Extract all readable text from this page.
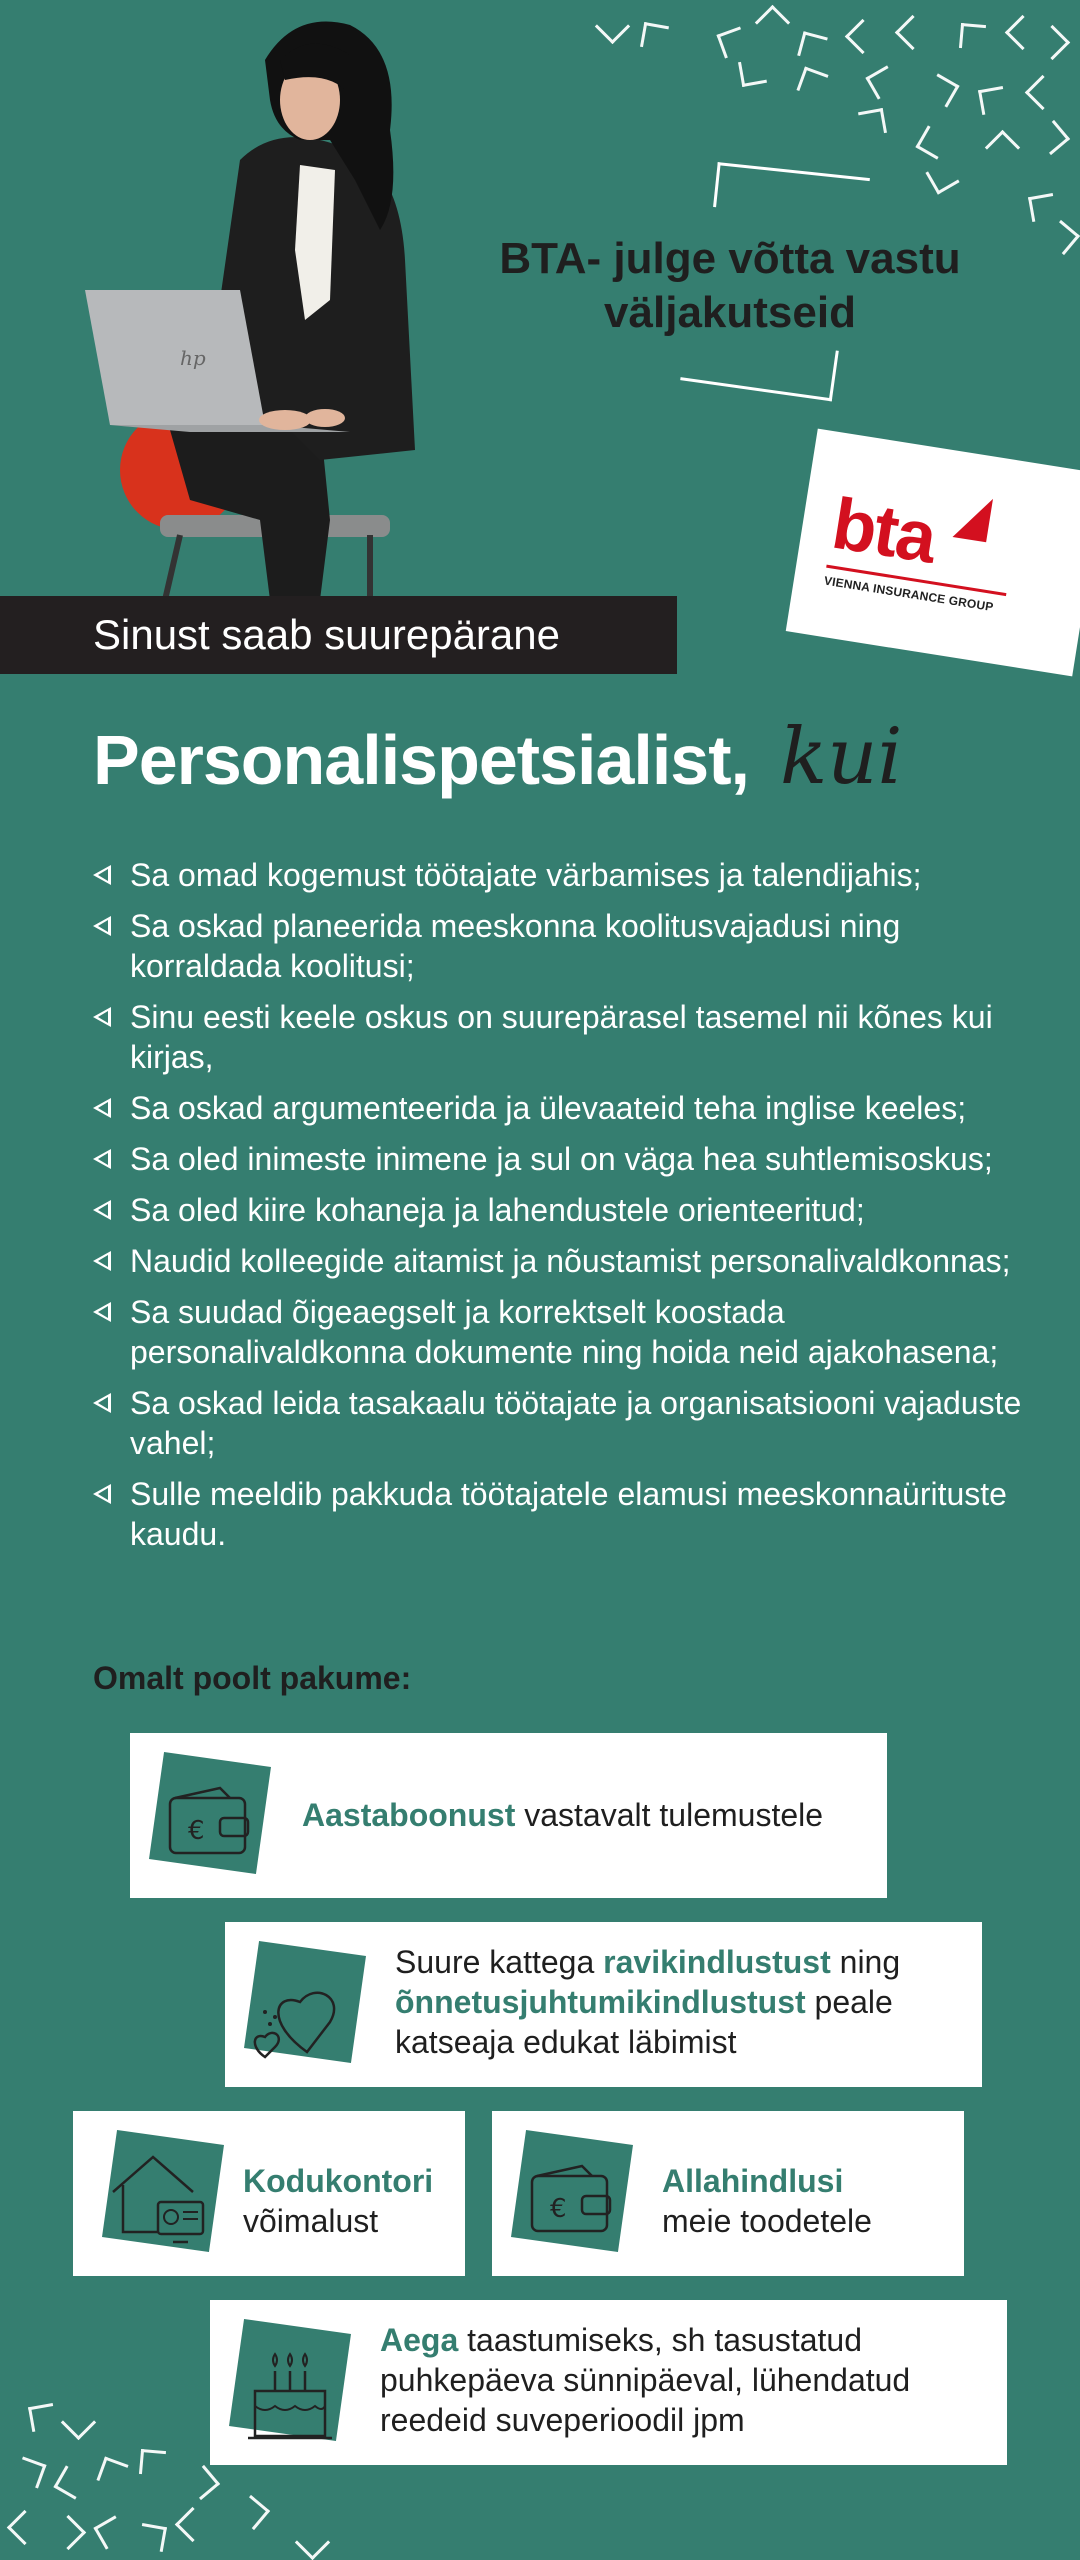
hp
BTA- julge võtta vastu väljakutseid
bta
VIENNA INSURANCE GROUP
Sinust saab suurepärane
Personalispetsialist, kui
Sa omad kogemust töötajate värbamises ja talendijahis;
Sa oskad planeerida meeskonna koolitusvajadusi ning korraldada koolitusi;
Sinu eesti keele oskus on suurepärasel tasemel nii kõnes kui kirjas,
Sa oskad argumenteerida ja ülevaateid teha inglise keeles;
Sa oled inimeste inimene ja sul on väga hea suhtlemisoskus;
Sa oled kiire kohaneja ja lahendustele orienteeritud;
Naudid kolleegide aitamist ja nõustamist personalivaldkonnas;
Sa suudad õigeaegselt ja korrektselt koostada personalivaldkonna dokumente ning hoida neid ajakohasena;
Sa oskad leida tasakaalu töötajate ja organisatsiooni vajaduste vahel;
Sulle meeldib pakkuda töötajatele elamusi meeskonnaürituste kaudu.
Omalt poolt pakume:
€	Aastaboonust vastavalt tulemustele
Suure kattega ravikindlustust ning
õnnetusjuhtumikindlustust peale
katseaja edukat läbimist
Kodukontori
võimalust	€
Allahindlusi
meie toodetele
Aega taastumiseks, sh tasustatud
puhkepäeva sünnipäeval, lühendatud
reedeid suveperioodil jpm
